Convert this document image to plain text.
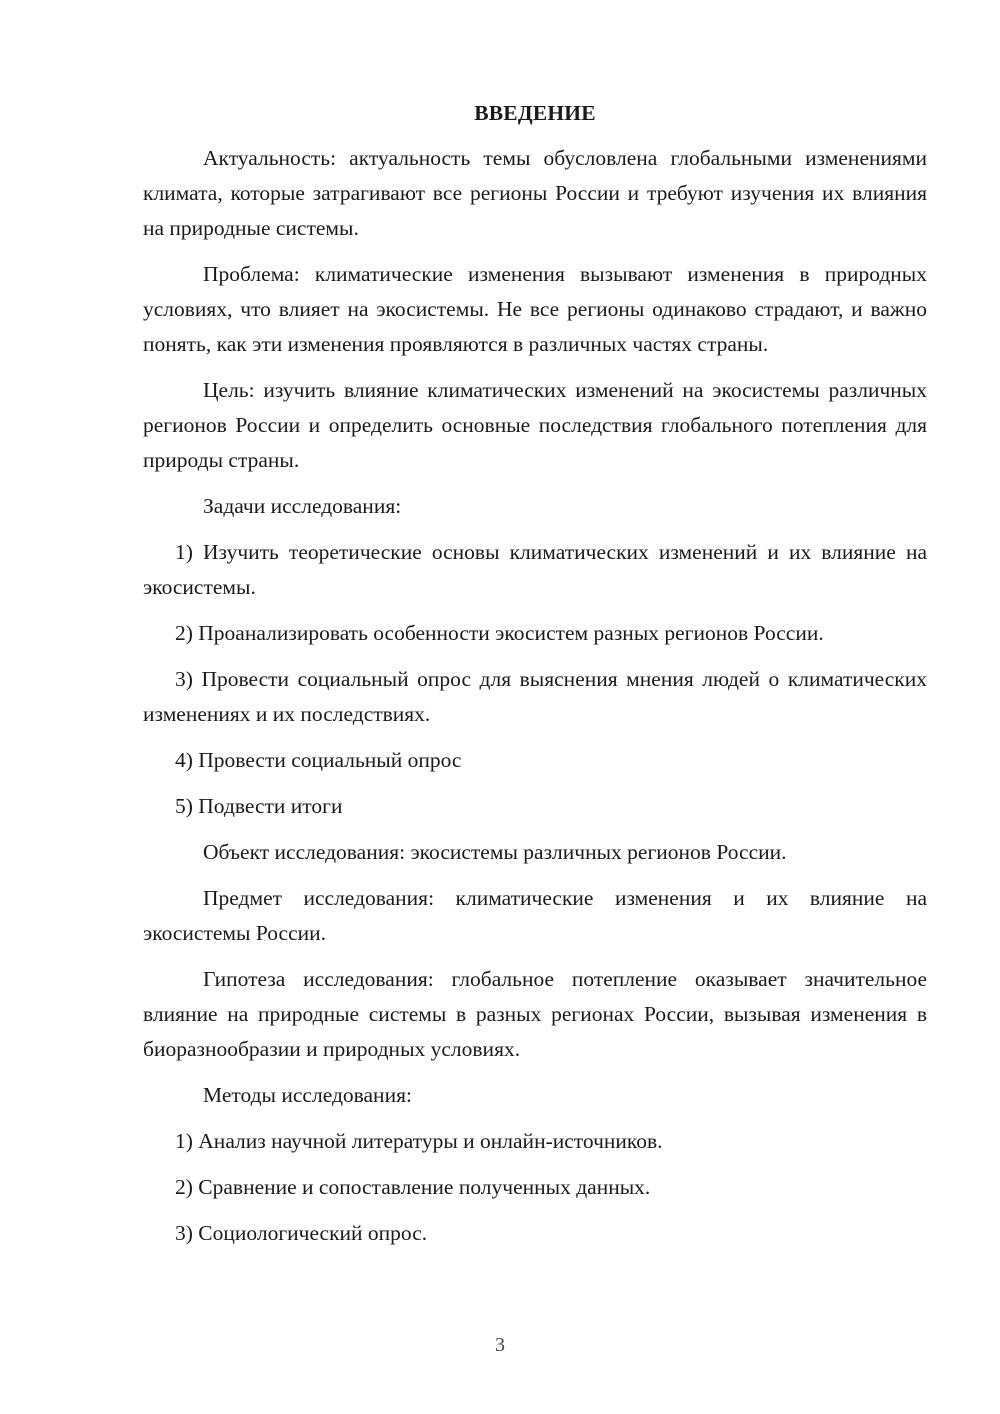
ВВЕДЕНИЕ

Актуальность: актуальность темы обусловлена глобальными изменениями климата, которые затрагивают все регионы России и требуют изучения их влияния на природные системы.

Проблема: климатические изменения вызывают изменения в природных условиях, что влияет на экосистемы. Не все регионы одинаково страдают, и важно понять, как эти изменения проявляются в различных частях страны.

Цель: изучить влияние климатических изменений на экосистемы различных регионов России и определить основные последствия глобального потепления для природы страны.

Задачи исследования:

1) Изучить теоретические основы климатических изменений и их влияние на экосистемы.

2) Проанализировать особенности экосистем разных регионов России.

3) Провести социальный опрос для выяснения мнения людей о климатических изменениях и их последствиях.

4) Провести социальный опрос

5) Подвести итоги

Объект исследования: экосистемы различных регионов России.

Предмет исследования: климатические изменения и их влияние на экосистемы России.

Гипотеза исследования: глобальное потепление оказывает значительное влияние на природные системы в разных регионах России, вызывая изменения в биоразнообразии и природных условиях.

Методы исследования:

1) Анализ научной литературы и онлайн-источников.

2) Сравнение и сопоставление полученных данных.

3) Социологический опрос.

3
